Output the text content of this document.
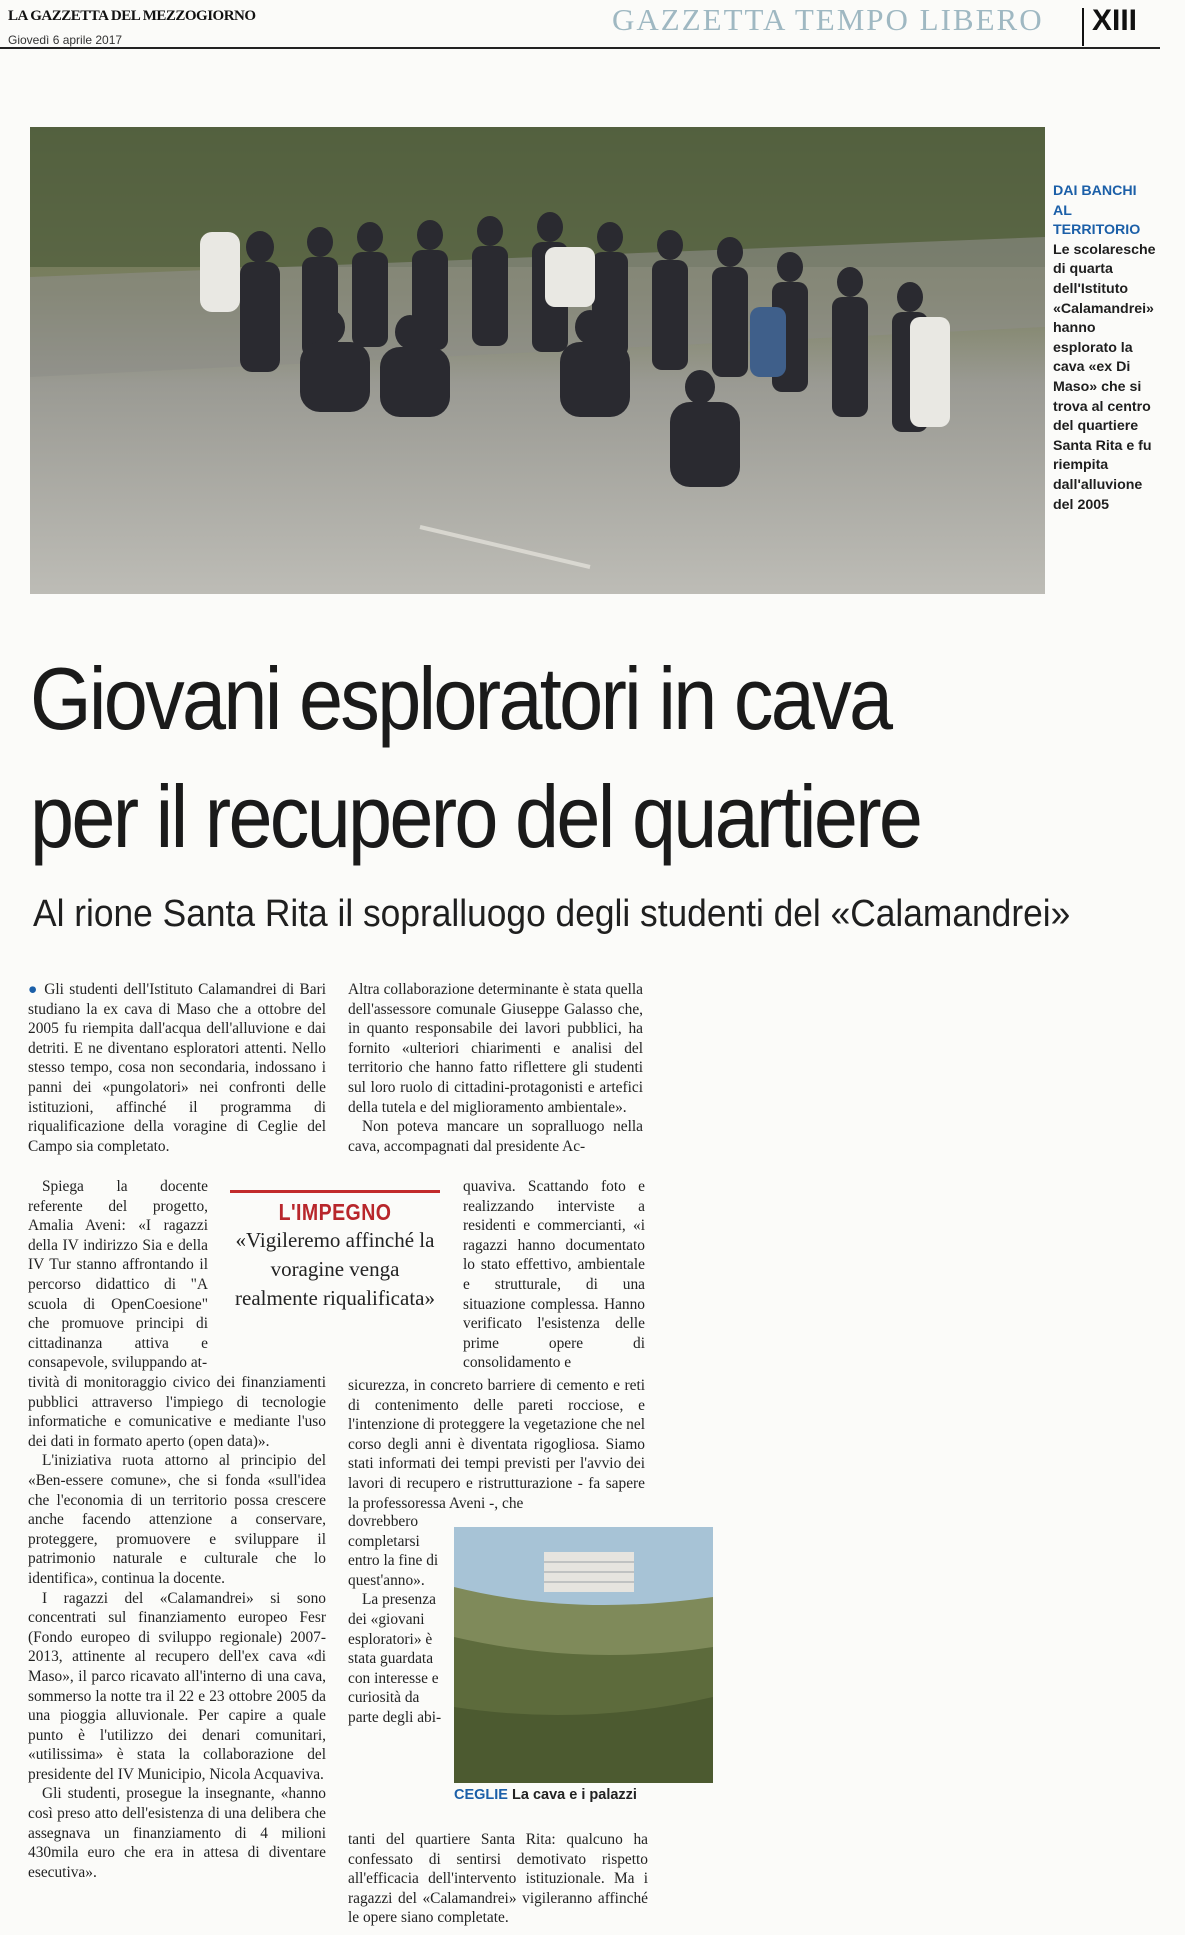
LA GAZZETTA DEL MEZZOGIORNO
Giovedì 6 aprile 2017
GAZZETTA TEMPO LIBERO XIII
DAI BANCHI AL TERRITORIO
Le scolaresche di quarta dell'Istituto «Calamandrei» hanno esplorato la cava «ex Di Maso» che si trova al centro del quartiere Santa Rita e fu riempita dall'alluvione del 2005
Giovani esploratori in cava
per il recupero del quartiere
Al rione Santa Rita il sopralluogo degli studenti del «Calamandrei»

● Gli studenti dell'Istituto Calamandrei di Bari studiano la ex cava di Maso che a ottobre del 2005 fu riempita dall'acqua dell'alluvione e dai detriti. E ne diventano esploratori attenti. Nello stesso tempo, cosa non secondaria, indossano i panni dei «pungolatori» nei confronti delle istituzioni, affinché il programma di riqualificazione della voragine di Ceglie del Campo sia completato.

Spiega la docente referente del progetto, Amalia Aveni: «I ragazzi della IV indirizzo Sia e della IV Tur stanno affrontando il percorso didattico di "A scuola di OpenCoesione" che promuove principi di cittadinanza attiva e consapevole, sviluppando at-

tività di monitoraggio civico dei finanziamenti pubblici attraverso l'impiego di tecnologie informatiche e comunicative e mediante l'uso dei dati in formato aperto (open data)».

L'iniziativa ruota attorno al principio del «Ben-essere comune», che si fonda «sull'idea che l'economia di un territorio possa crescere anche facendo attenzione a conservare, proteggere, promuovere e sviluppare il patrimonio naturale e culturale che lo identifica», continua la docente.

I ragazzi del «Calamandrei» si sono concentrati sul finanziamento europeo Fesr (Fondo europeo di sviluppo regionale) 2007-2013, attinente al recupero dell'ex cava «di Maso», il parco ricavato all'interno di una cava, sommerso la notte tra il 22 e 23 ottobre 2005 da una pioggia alluvionale. Per capire a quale punto è l'utilizzo dei denari comunitari, «utilissima» è stata la collaborazione del presidente del IV Municipio, Nicola Acquaviva.

Gli studenti, prosegue la insegnante, «hanno così preso atto dell'esistenza di una delibera che assegnava un finanziamento di 4 milioni 430mila euro che era in attesa di diventare esecutiva».

L'IMPEGNO
«Vigileremo affinché la voragine venga realmente riqualificata»

Altra collaborazione determinante è stata quella dell'assessore comunale Giuseppe Galasso che, in quanto responsabile dei lavori pubblici, ha fornito «ulteriori chiarimenti e analisi del territorio che hanno fatto riflettere gli studenti sul loro ruolo di cittadini-protagonisti e artefici della tutela e del miglioramento ambientale».

Non poteva mancare un sopralluogo nella cava, accompagnati dal presidente Ac-

quaviva. Scattando foto e realizzando interviste a residenti e commercianti, «i ragazzi hanno documentato lo stato effettivo, ambientale e strutturale, di una situazione complessa. Hanno verificato l'esistenza delle prime opere di consolidamento e

sicurezza, in concreto barriere di cemento e reti di contenimento delle pareti rocciose, e l'intenzione di proteggere la vegetazione che nel corso degli anni è diventata rigogliosa. Siamo stati informati dei tempi previsti per l'avvio dei lavori di recupero e ristrutturazione - fa sapere la professoressa Aveni -, che

dovrebbero completarsi entro la fine di quest'anno».

La presenza dei «giovani esploratori» è stata guardata con interesse e curiosità da parte degli abi-

tanti del quartiere Santa Rita: qualcuno ha confessato di sentirsi demotivato rispetto all'efficacia dell'intervento istituzionale. Ma i ragazzi del «Calamandrei» vigileranno affinché le opere siano completate.

CEGLIE La cava e i palazzi
